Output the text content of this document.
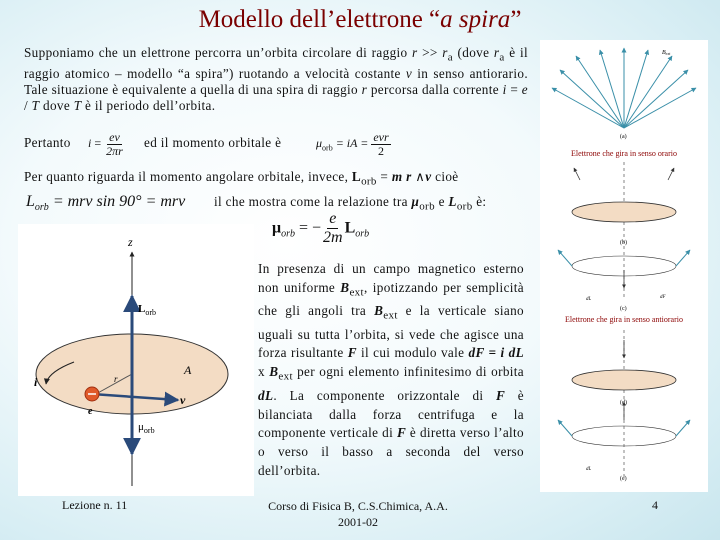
Modello dell’elettrone “a spira”
Supponiamo che un elettrone percorra un’orbita circolare di raggio $r >> r_a$ (dove $r_a$ è il raggio atomico – modello “a spira”) ruotando a velocità costante v in senso antiorario. Tale situazione è equivalente a quella di una spira di raggio r percorsa dalla corrente i = e / T dove T è il periodo dell’orbita.
Pertanto $i = \frac{ev}{2\pi r}$ ed il momento orbitale è	$\mu_{orb}$ = iA = $\frac{\text{evr}}{2}$
Per quanto riguarda il momento angolare orbitale, invece, $L_{orb} = m$ r ∧v cioè
$L_{orb}$ = mrv sin 90° = mrv il che mostra come la relazione tra $\mu_{orb}$ e $L_{orb}$ è:
$\mu_{orb}$ = − $\frac{e}{2m} L_{orb}$
z
$L_{orb}$
r
A
i
e
v
$\mu_{orb}$
In presenza di un campo magnetico esterno non uniforme $B_{ext}$, ipotizzando per semplicità che gli angoli tra $B_{ext}$ e la verticale siano uguali su tutta l’orbita, si vede che agisce una forza risultante F il cui modulo vale dF = i dL x $B_{ext}$ per ogni elemento infinitesimo di orbita dL. La componente orizzontale di F è bilanciata dalla forza centrifuga e la componente verticale di F è diretta verso l’alto o verso il basso a seconda del verso dell’orbita.
Bext
(a)
Elettrone che gira in senso orario
(b)
dL	dF
(c)
Elettrone che gira in senso antiorario
(d)
dL
(e)
Lezione n. 11	Corso di Fisica B, C.S.Chimica, A.A.
2001-02
4
